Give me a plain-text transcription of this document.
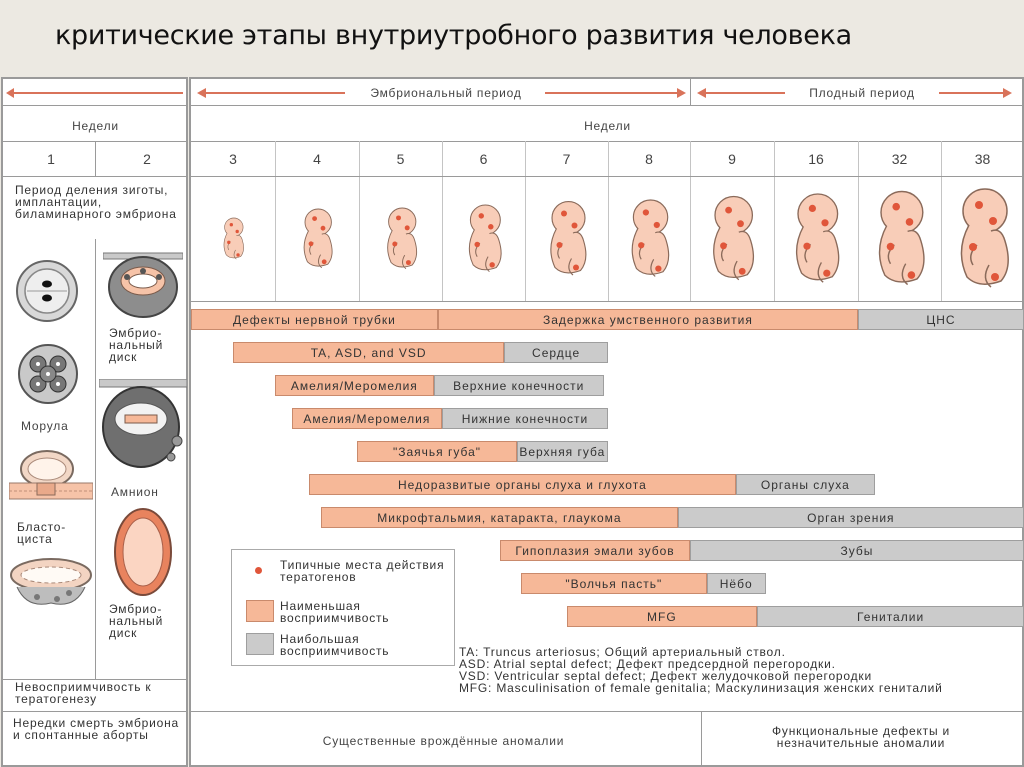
критические этапы внутриутробного развития человека
Недели
1	2
Период деления зиготы, имплантации, биламинарного эмбриона
Морула
Бласто-циста
Эмбрио-нальный диск
Амнион
Эмбрио-нальный диск
Невосприимчивость к тератогенезу
Нередки смерть эмбриона и спонтанные аборты
Эмбриональный период	Плодный период
Недели
3	4	5	6	7	8	9	16	32	38
Дефекты нервной трубки	Задержка умственного развития	ЦНС
TA, ASD, and VSD	Сердце
Амелия/Меромелия	Верхние конечности
Амелия/Меромелия	Нижние конечности
"Заячья губа"	Верхняя губа
Недоразвитые органы слуха и глухота	Органы слуха
Микрофтальмия, катаракта, глаукома	Орган зрения
Гипоплазия эмали зубов	Зубы
"Волчья пасть"	Нёбо
MFG	Гениталии
Типичные места действия тератогенов
Наименьшая восприимчивость
Наибольшая восприимчивость	TA: Truncus arteriosus; Общий артериальный ствол.
ASD: Atrial septal defect; Дефект предсердной перегородки.
VSD: Ventricular septal defect; Дефект желудочковой перегородки
MFG: Masculinisation of female genitalia; Маскулинизация женских гениталий
Существенные врождённые аномалии
Функциональные дефекты и незначительные аномалии
